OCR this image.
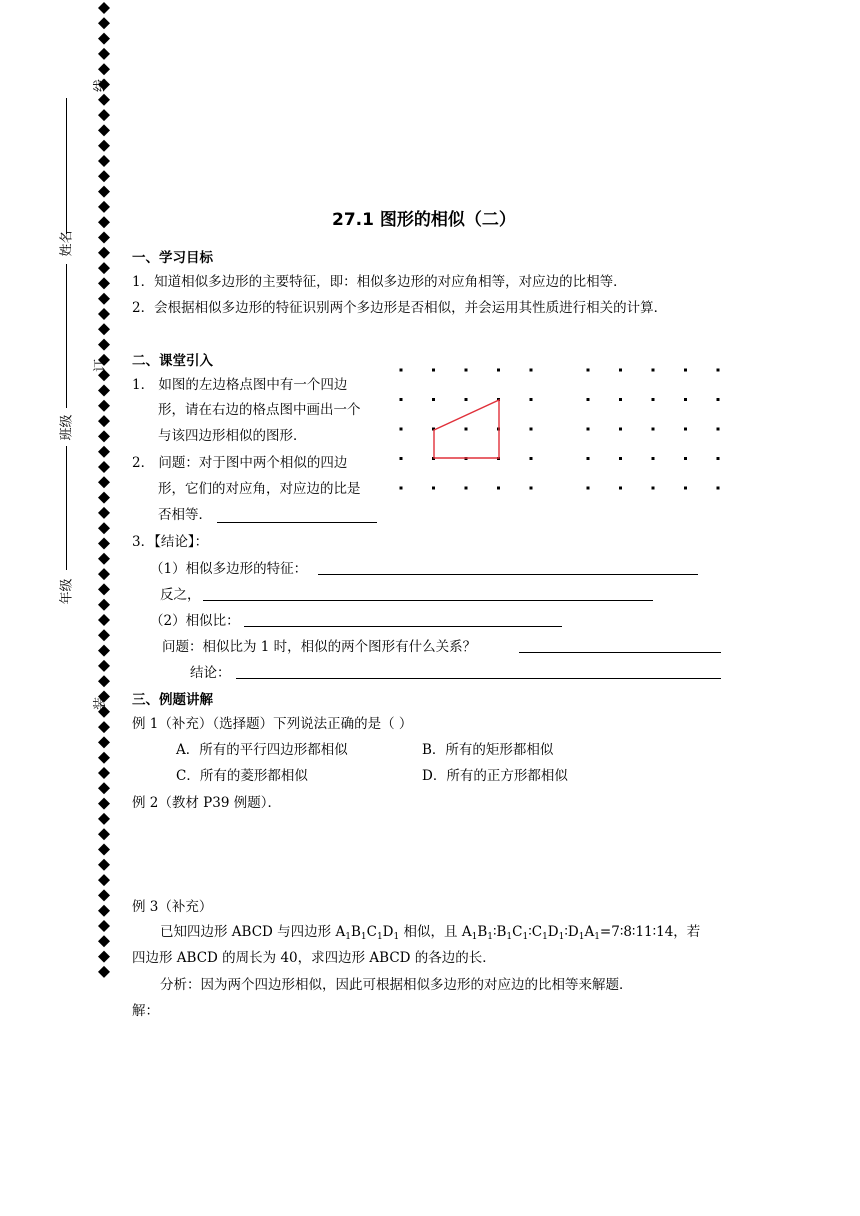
线
订
装
姓名
班级
年级
27.1 图形的相似（二）
一、学习目标
1．知道相似多边形的主要特征，即：相似多边形的对应角相等，对应边的比相等．
2．会根据相似多边形的特征识别两个多边形是否相似，并会运用其性质进行相关的计算．
二、课堂引入
1． 如图的左边格点图中有一个四边
形，请在右边的格点图中画出一个
与该四边形相似的图形．
2． 问题：对于图中两个相似的四边
形，它们的对应角，对应边的比是
否相等．
3．【结论】：
（1）相似多边形的特征：
反之，
（2）相似比：
问题：相似比为 1 时，相似的两个图形有什么关系？
结论：
三、例题讲解
例 1（补充）（选择题）下列说法正确的是（ ）
A．所有的平行四边形都相似	B．所有的矩形都相似
C．所有的菱形都相似	D．所有的正方形都相似
例 2（教材 P39 例题）．
例 3（补充）
已知四边形 ABCD 与四边形 $A_1B_1C_1D_1$ 相似，且 $A_1B_1∶B_1C_1∶C_1D_1∶D_1A_1=7∶8∶11∶14$，若
四边形 ABCD 的周长为 40，求四边形 ABCD 的各边的长．
分析：因为两个四边形相似，因此可根据相似多边形的对应边的比相等来解题．
解：
